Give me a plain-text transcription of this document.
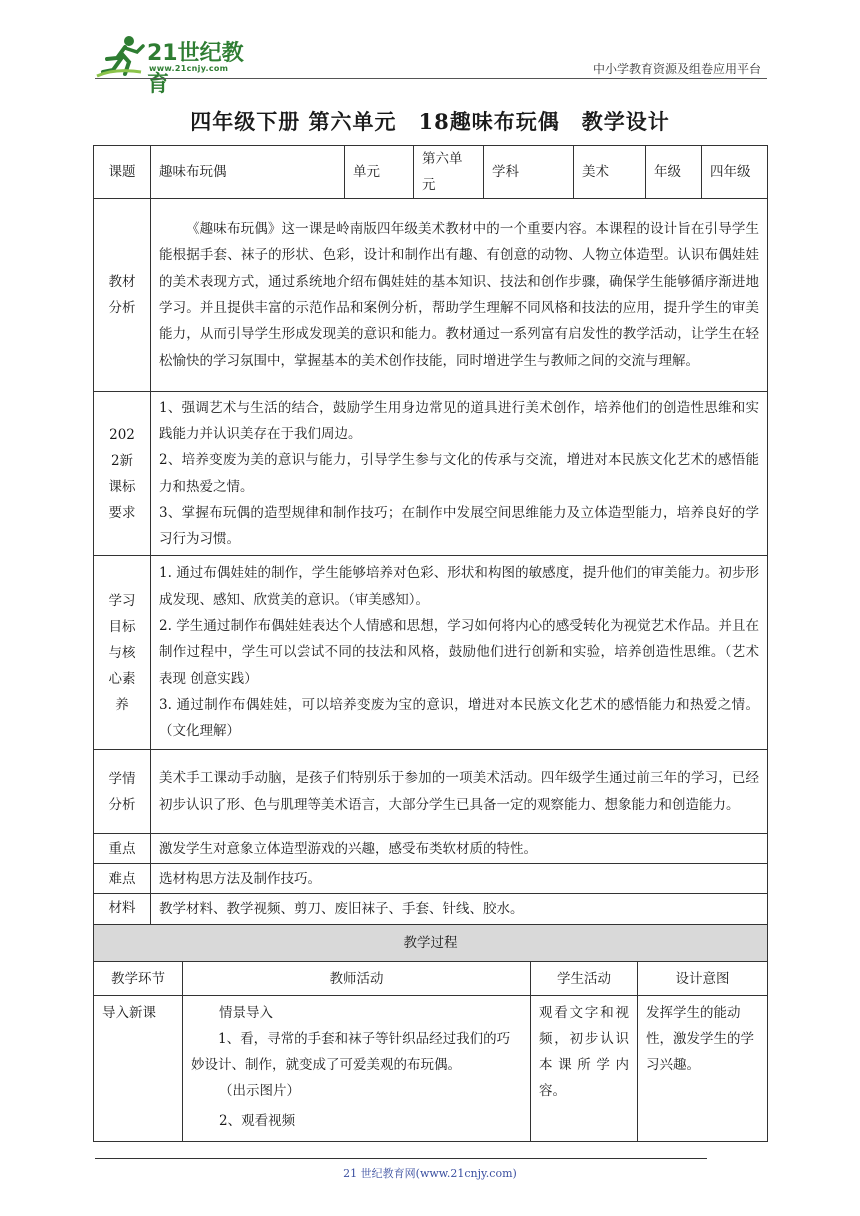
21世纪教育
www.21cnjy.com	中小学教育资源及组卷应用平台
四年级下册 第六单元　18趣味布玩偶　教学设计
课题	趣味布玩偶	单元	第六单元	学科	美术	年级	四年级
教材分析	《趣味布玩偶》这一课是岭南版四年级美术教材中的一个重要内容。本课程的设计旨在引导学生能根据手套、袜子的形状、色彩，设计和制作出有趣、有创意的动物、人物立体造型。认识布偶娃娃的美术表现方式，通过系统地介绍布偶娃娃的基本知识、技法和创作步骤，确保学生能够循序渐进地学习。并且提供丰富的示范作品和案例分析，帮助学生理解不同风格和技法的应用，提升学生的审美能力，从而引导学生形成发现美的意识和能力。教材通过一系列富有启发性的教学活动，让学生在轻松愉快的学习氛围中，掌握基本的美术创作技能，同时增进学生与教师之间的交流与理解。						
2022新课标要求	1、强调艺术与生活的结合，鼓励学生用身边常见的道具进行美术创作，培养他们的创造性思维和实践能力并认识美存在于我们周边。
2、培养变废为美的意识与能力，引导学生参与文化的传承与交流，增进对本民族文化艺术的感悟能力和热爱之情。
3、掌握布玩偶的造型规律和制作技巧；在制作中发展空间思维能力及立体造型能力，培养良好的学习行为习惯。						

学习目标与核心素养	1. 通过布偶娃娃的制作，学生能够培养对色彩、形状和构图的敏感度，提升他们的审美能力。初步形成发现、感知、欣赏美的意识。（审美感知）。
2. 学生通过制作布偶娃娃表达个人情感和思想，学习如何将内心的感受转化为视觉艺术作品。并且在制作过程中，学生可以尝试不同的技法和风格，鼓励他们进行创新和实验，培养创造性思维。（艺术表现 创意实践）
3. 通过制作布偶娃娃，可以培养变废为宝的意识，增进对本民族文化艺术的感悟能力和热爱之情。（文化理解）						

学情分析	美术手工课动手动脑，是孩子们特别乐于参加的一项美术活动。四年级学生通过前三年的学习，已经初步认识了形、色与肌理等美术语言，大部分学生已具备一定的观察能力、想象能力和创造能力。						
重点	激发学生对意象立体造型游戏的兴趣，感受布类软材质的特性。						
难点	选材构思方法及制作技巧。						
材料	教学材料、教学视频、剪刀、废旧袜子、手套、针线、胶水。						
教学过程			
教学环节	教师活动	学生活动	设计意图
导入新课	情景导入
1、看，寻常的手套和袜子等针织品经过我们的巧妙设计、制作，就变成了可爱美观的布玩偶。
（出示图片）
2、观看视频	观看文字和视频，初步认识本课所学内容。	发挥学生的能动性，激发学生的学习兴趣。
21 世纪教育网(www.21cnjy.com)
